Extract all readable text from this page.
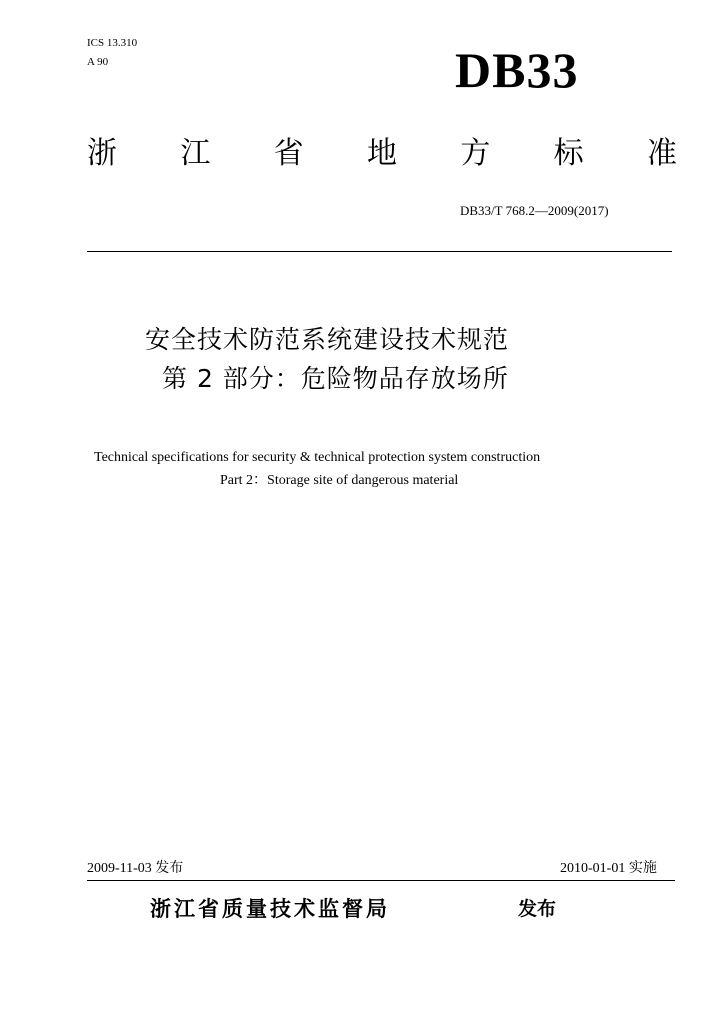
ICS 13.310
A 90	DB33
浙 江 省 地 方 标 准
DB33/T 768.2—2009(2017)
安全技术防范系统建设技术规范
第 2 部分：危险物品存放场所
Technical specifications for security & technical protection system construction
Part 2：Storage site of dangerous material
2009-11-03 发布	2010-01-01 实施
浙江省质量技术监督局	发布
